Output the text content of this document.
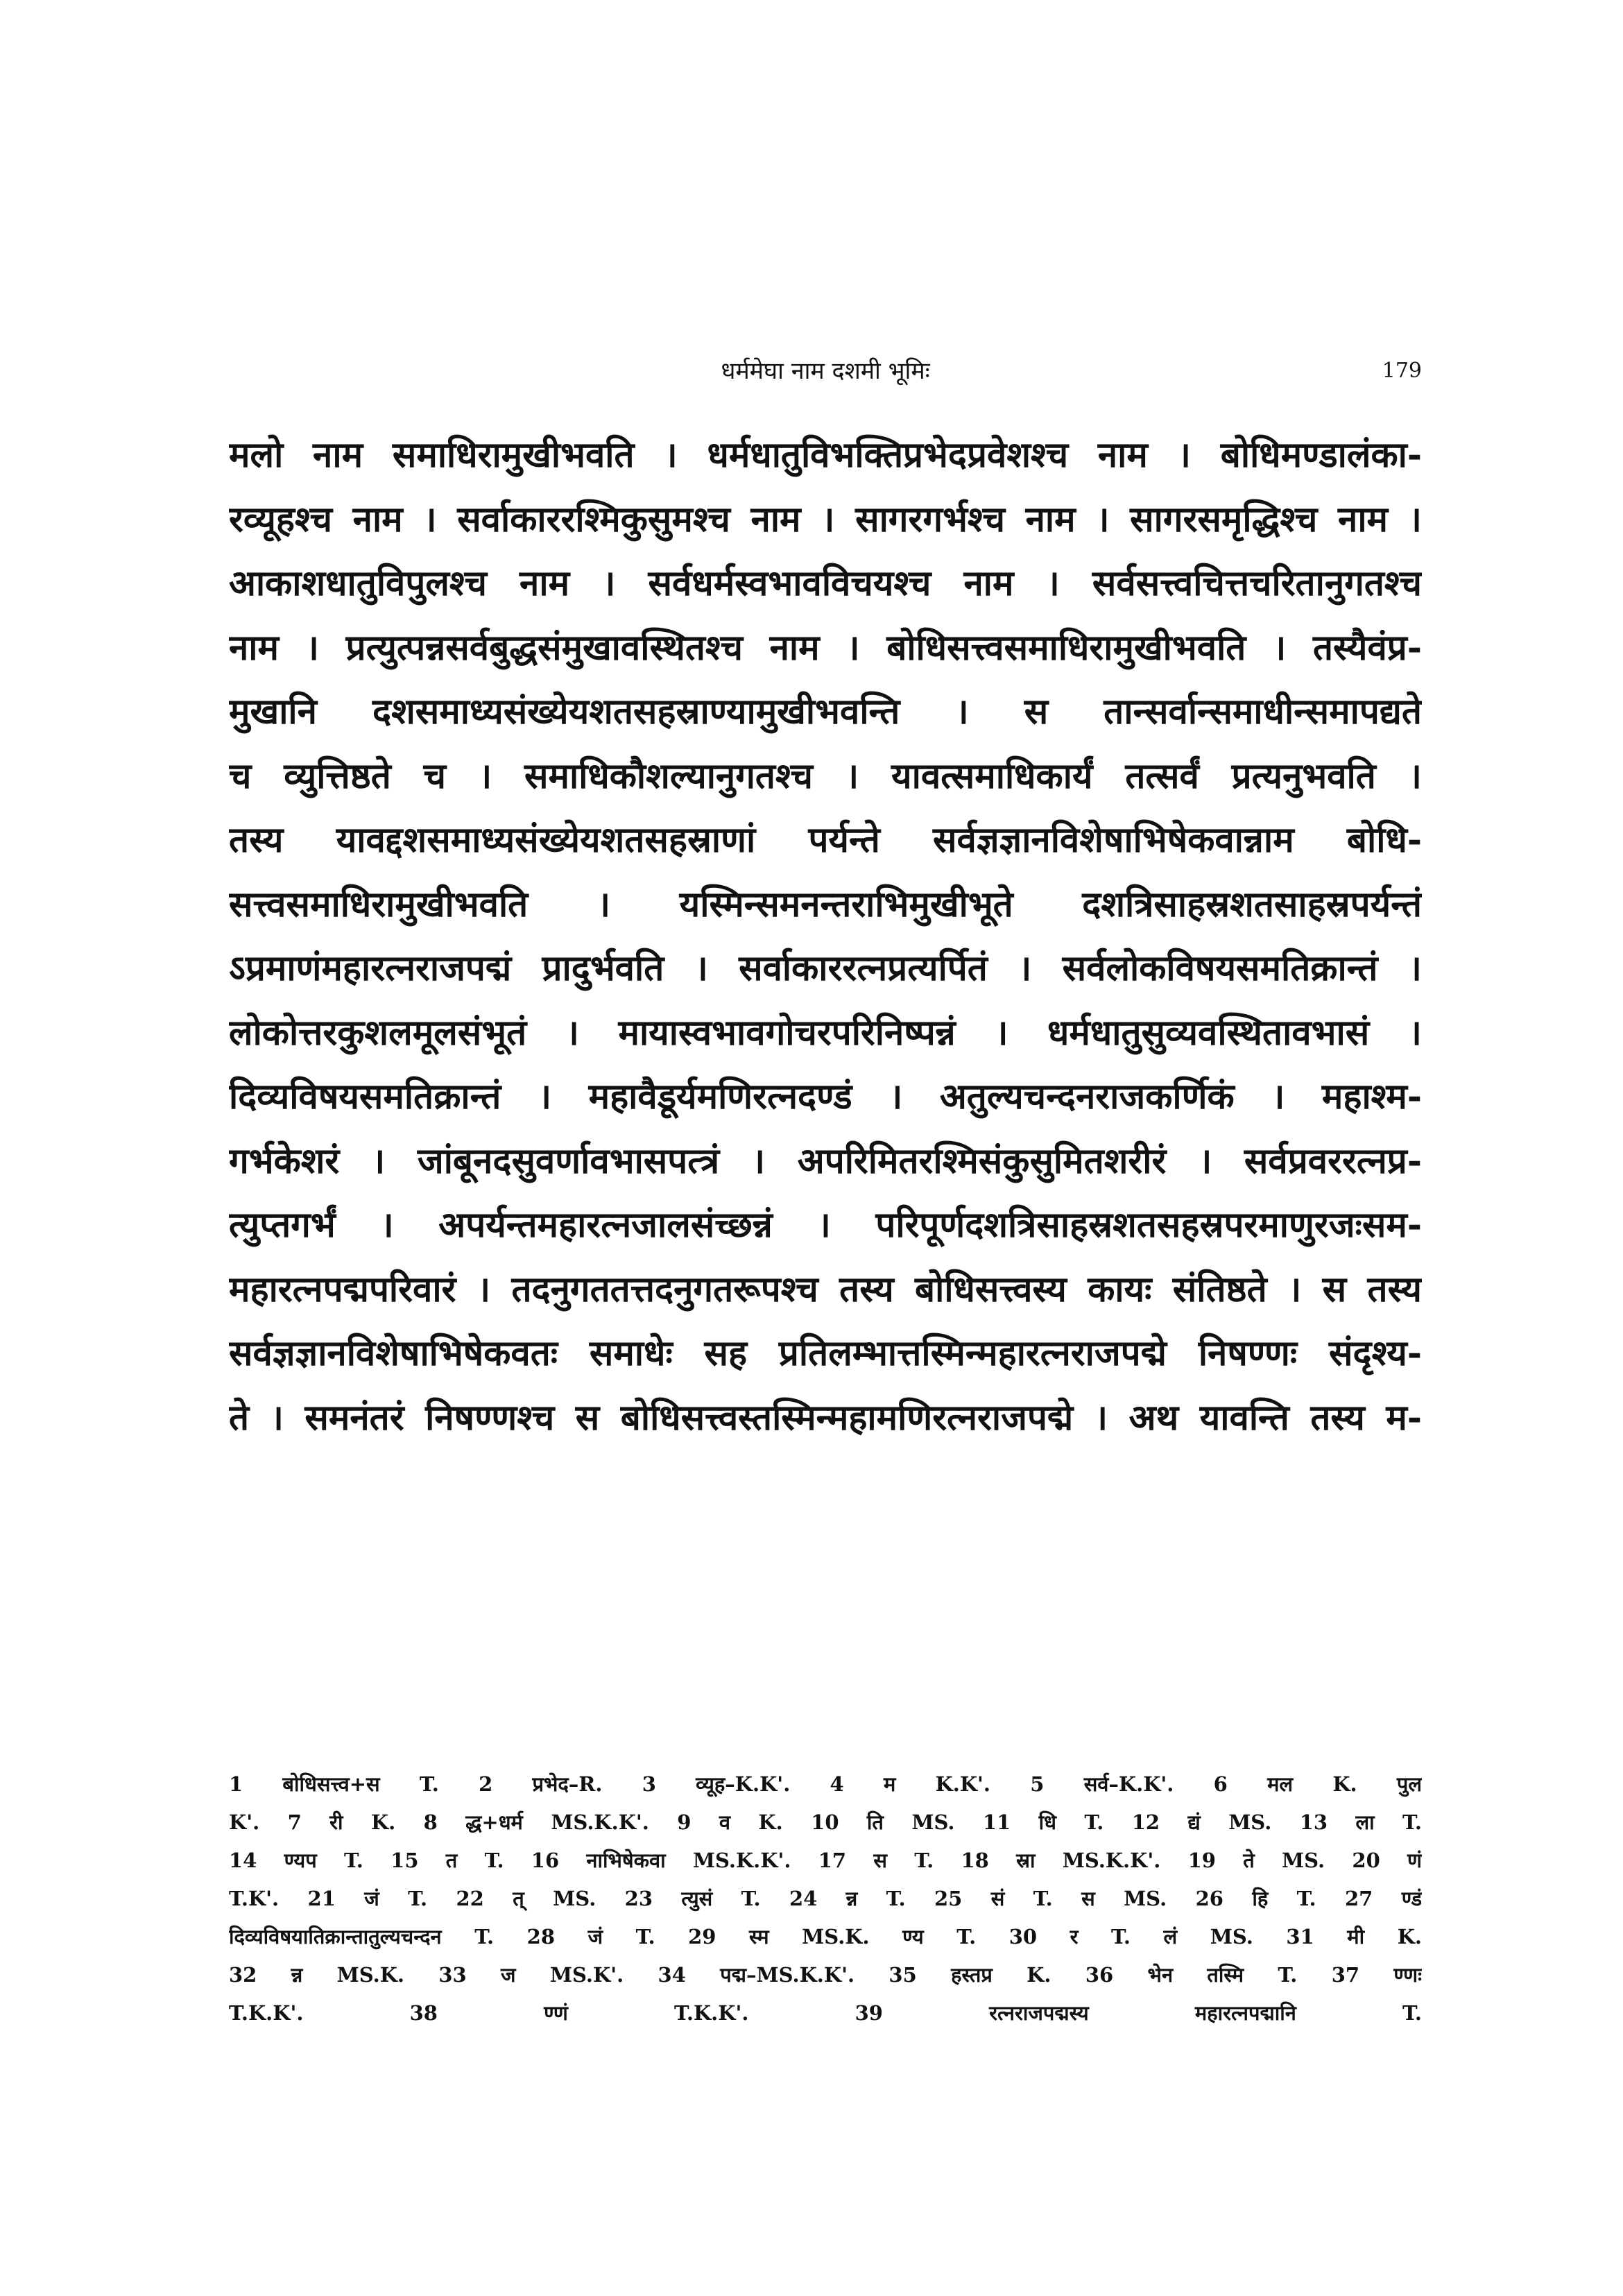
धर्ममेघा नाम दशमी भूमिः	179
मलो नाम समाधिरामुखीभवति । धर्मधातुविभक्तिप्रभेदप्रवेशश्च नाम । बोधिमण्डालंका-
रव्यूहश्च नाम । सर्वाकाररश्मिकुसुमश्च नाम । सागरगर्भश्च नाम । सागरसमृद्धिश्च नाम ।
आकाशधातुविपुलश्च नाम । सर्वधर्मस्वभावविचयश्च नाम । सर्वसत्त्वचित्तचरितानुगतश्च
नाम । प्रत्युत्पन्नसर्वबुद्धसंमुखावस्थितश्च नाम । बोधिसत्त्वसमाधिरामुखीभवति । तस्यैवंप्र-
मुखानि दशसमाध्यसंख्येयशतसहस्राण्यामुखीभवन्ति । स तान्सर्वान्समाधीन्समापद्यते
च व्युत्तिष्ठते च । समाधिकौशल्यानुगतश्च । यावत्समाधिकार्यं तत्सर्वं प्रत्यनुभवति ।
तस्य यावद्दशसमाध्यसंख्येयशतसहस्राणां पर्यन्ते सर्वज्ञज्ञानविशेषाभिषेकवान्नाम बोधि-
सत्त्वसमाधिरामुखीभवति । यस्मिन्समनन्तराभिमुखीभूते दशत्रिसाहस्रशतसाहस्रपर्यन्तं
ऽप्रमाणंमहारत्नराजपद्मं प्रादुर्भवति । सर्वाकाररत्नप्रत्यर्पितं । सर्वलोकविषयसमतिक्रान्तं ।
लोकोत्तरकुशलमूलसंभूतं । मायास्वभावगोचरपरिनिष्पन्नं । धर्मधातुसुव्यवस्थितावभासं ।
दिव्यविषयसमतिक्रान्तं । महावैडूर्यमणिरत्नदण्डं । अतुल्यचन्दनराजकर्णिकं । महाश्म-
गर्भकेशरं । जांबूनदसुवर्णावभासपत्त्रं । अपरिमितरश्मिसंकुसुमितशरीरं । सर्वप्रवररत्नप्र-
त्युप्तगर्भं । अपर्यन्तमहारत्नजालसंच्छन्नं । परिपूर्णदशत्रिसाहस्रशतसहस्रपरमाणुरजःसम-
महारत्नपद्मपरिवारं । तदनुगततत्तदनुगतरूपश्च तस्य बोधिसत्त्वस्य कायः संतिष्ठते । स तस्य
सर्वज्ञज्ञानविशेषाभिषेकवतः समाधेः सह प्रतिलम्भात्तस्मिन्महारत्नराजपद्मे निषण्णः संदृश्य-
ते । समनंतरं निषण्णश्च स बोधिसत्त्वस्तस्मिन्महामणिरत्नराजपद्मे । अथ यावन्ति तस्य म-
1 बोधिसत्त्व+स T. 2 प्रभेद–R. 3 व्यूह–K.K'. 4 म K.K'. 5 सर्व–K.K'. 6 मल K. पुल
K'. 7 री K. 8 द्ध+धर्म MS.K.K'. 9 व K. 10 ति MS. 11 धि T. 12 द्यं MS. 13 ला T.
14 ण्यप T. 15 त T. 16 नाभिषेकवा MS.K.K'. 17 स T. 18 स्रा MS.K.K'. 19 ते MS. 20 णं
T.K'. 21 जं T. 22 त् MS. 23 त्युसं T. 24 न्न T. 25 सं T. स MS. 26 हि T. 27 ण्डं
दिव्यविषयातिक्रान्तातुल्यचन्दन T. 28 जं T. 29 स्म MS.K. ण्य T. 30 र T. लं MS. 31 मी K.
32 न्न MS.K. 33 ज MS.K'. 34 पद्म–MS.K.K'. 35 हस्तप्र K. 36 भेन तस्मि T. 37 ण्णः
T.K.K'. 38 ण्णं T.K.K'. 39 रत्नराजपद्मस्य महारत्नपद्मानि T.
